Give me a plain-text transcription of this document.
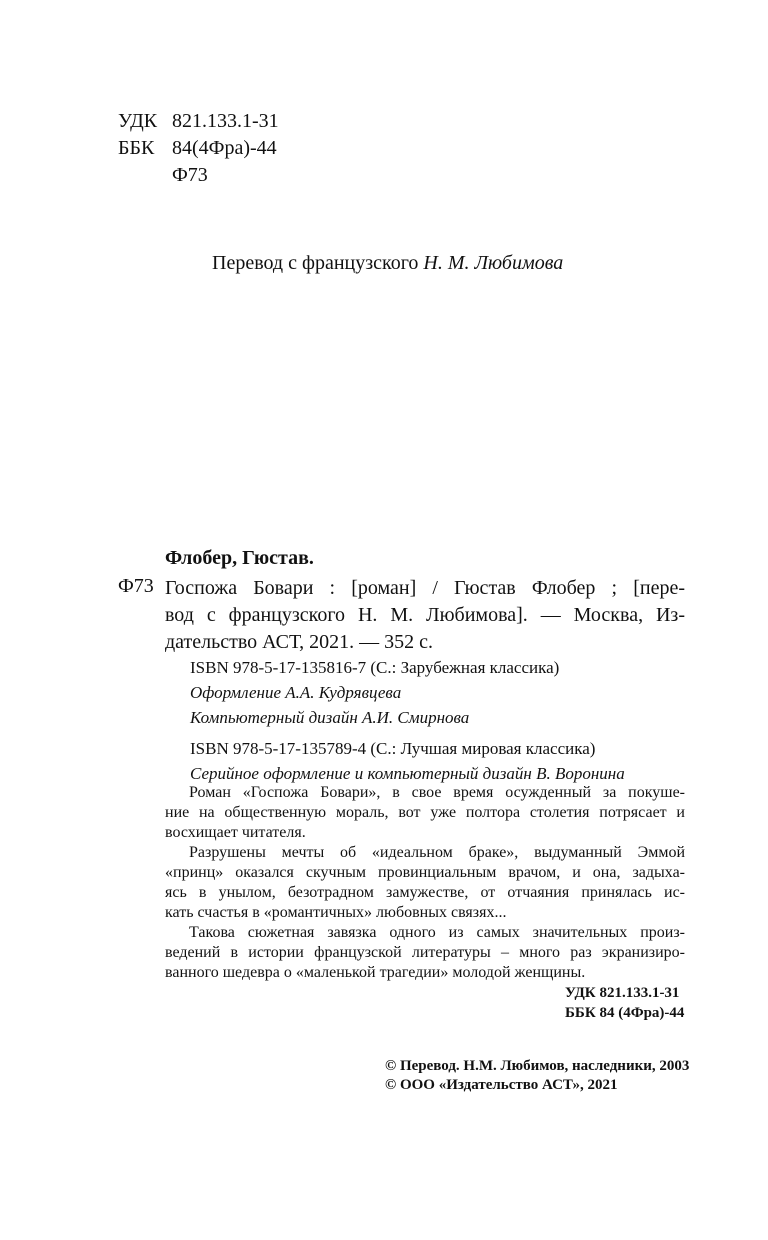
УДК 821.133.1-31
ББК 84(4Фра)-44
Ф73
Перевод с французского Н. М. Любимова
Флобер, Гюстав.
Ф73 Госпожа Бовари : [роман] / Гюстав Флобер ; [пере-
вод с французского Н. М. Любимова]. — Москва, Из-
дательство АСТ, 2021. — 352 с.
ISBN 978-5-17-135816-7 (С.: Зарубежная классика)
Оформление А.А. Кудрявцева
Компьютерный дизайн А.И. Смирнова
ISBN 978-5-17-135789-4 (С.: Лучшая мировая классика)
Серийное оформление и компьютерный дизайн В. Воронина
Роман «Госпожа Бовари», в свое время осужденный за покуше-
ние на общественную мораль, вот уже полтора столетия потрясает и
восхищает читателя.
Разрушены мечты об «идеальном браке», выдуманный Эммой
«принц» оказался скучным провинциальным врачом, и она, задыха-
ясь в унылом, безотрадном замужестве, от отчаяния принялась ис-
кать счастья в «романтичных» любовных связях...
Такова сюжетная завязка одного из самых значительных произ-
ведений в истории французской литературы – много раз экранизиро-
ванного шедевра о «маленькой трагедии» молодой женщины.
УДК 821.133.1-31
ББК 84 (4Фра)-44
© Перевод. Н.М. Любимов, наследники, 2003
© ООО «Издательство АСТ», 2021
